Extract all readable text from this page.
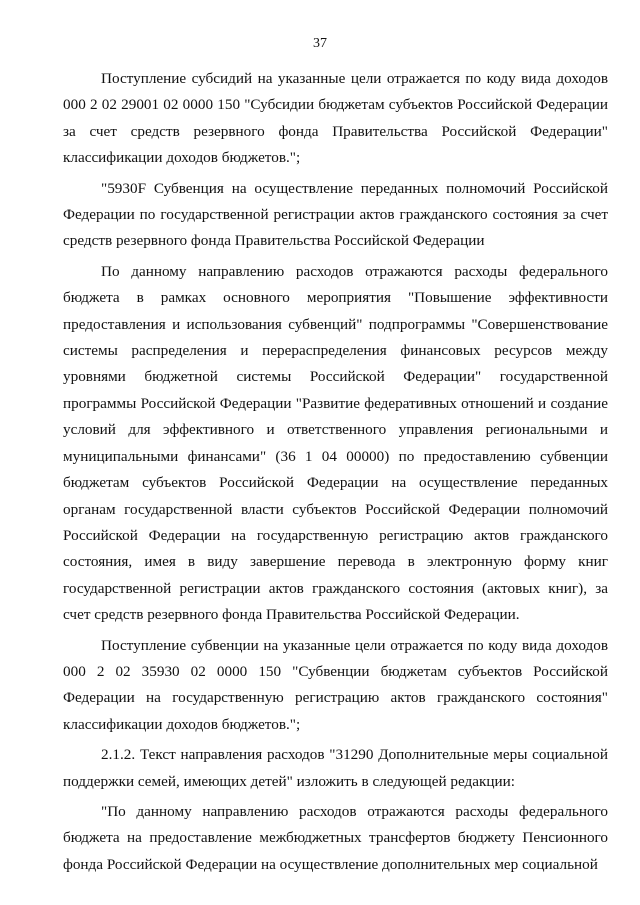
37

Поступление субсидий на указанные цели отражается по коду вида доходов 000 2 02 29001 02 0000 150 "Субсидии бюджетам субъектов Российской Федерации за счет средств резервного фонда Правительства Российской Федерации" классификации доходов бюджетов.";

"5930F Субвенция на осуществление переданных полномочий Российской Федерации по государственной регистрации актов гражданского состояния за счет средств резервного фонда Правительства Российской Федерации

По данному направлению расходов отражаются расходы федерального бюджета в рамках основного мероприятия "Повышение эффективности предоставления и использования субвенций" подпрограммы "Совершенствование системы распределения и перераспределения финансовых ресурсов между уровнями бюджетной системы Российской Федерации" государственной программы Российской Федерации "Развитие федеративных отношений и создание условий для эффективного и ответственного управления региональными и муниципальными финансами" (36 1 04 00000) по предоставлению субвенции бюджетам субъектов Российской Федерации на осуществление переданных органам государственной власти субъектов Российской Федерации полномочий Российской Федерации на государственную регистрацию актов гражданского состояния, имея в виду завершение перевода в электронную форму книг государственной регистрации актов гражданского состояния (актовых книг), за счет средств резервного фонда Правительства Российской Федерации.

Поступление субвенции на указанные цели отражается по коду вида доходов 000 2 02 35930 02 0000 150 "Субвенции бюджетам субъектов Российской Федерации на государственную регистрацию актов гражданского состояния" классификации доходов бюджетов.";

2.1.2. Текст направления расходов "31290 Дополнительные меры социальной поддержки семей, имеющих детей" изложить в следующей редакции:

"По данному направлению расходов отражаются расходы федерального бюджета на предоставление межбюджетных трансфертов бюджету Пенсионного фонда Российской Федерации на осуществление дополнительных мер социальной
